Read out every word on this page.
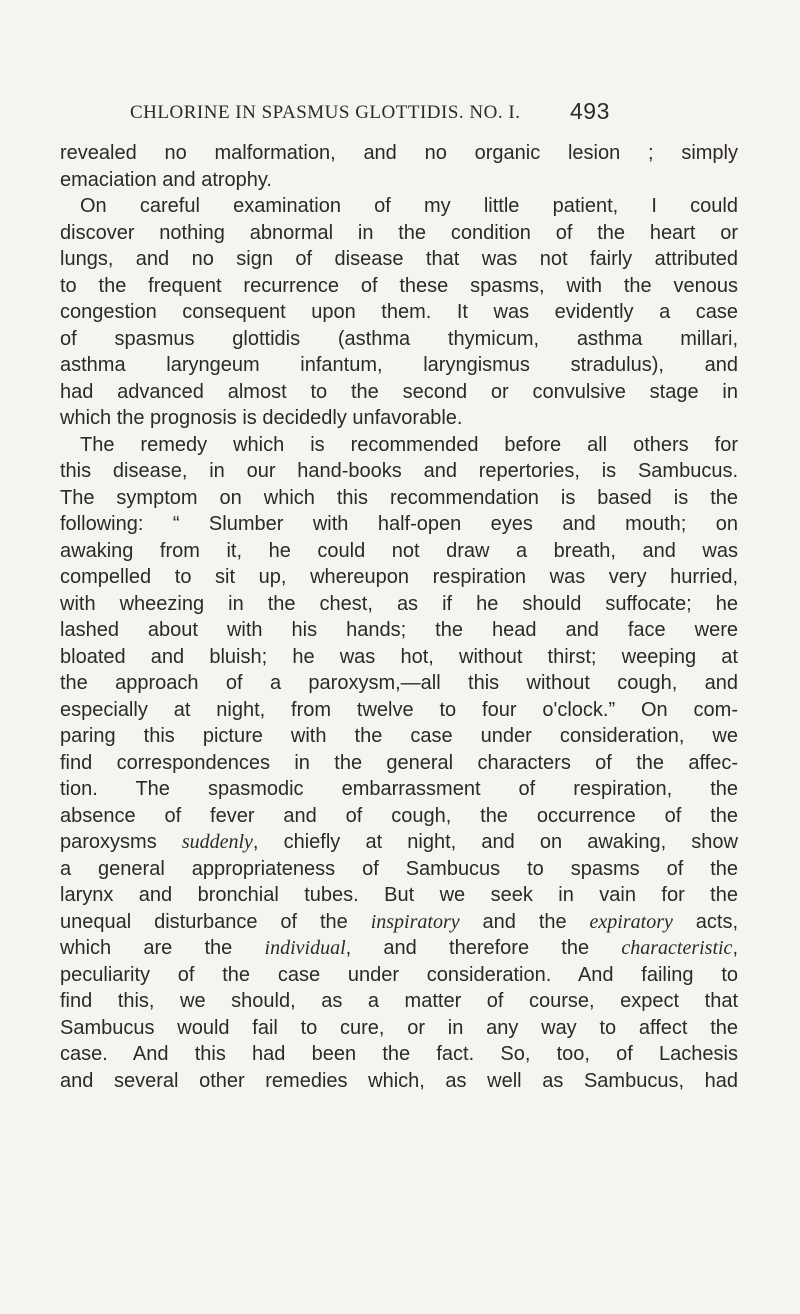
CHLORINE IN SPASMUS GLOTTIDIS. NO. I. 493
revealed no malformation, and no organic lesion ; simply
emaciation and atrophy.
On careful examination of my little patient, I could
discover nothing abnormal in the condition of the heart or
lungs, and no sign of disease that was not fairly attributed
to the frequent recurrence of these spasms, with the venous
congestion consequent upon them. It was evidently a case
of spasmus glottidis (asthma thymicum, asthma millari,
asthma laryngeum infantum, laryngismus stradulus), and
had advanced almost to the second or convulsive stage in
which the prognosis is decidedly unfavorable.
The remedy which is recommended before all others for
this disease, in our hand-books and repertories, is Sambucus.
The symptom on which this recommendation is based is the
following: “ Slumber with half-open eyes and mouth; on
awaking from it, he could not draw a breath, and was
compelled to sit up, whereupon respiration was very hurried,
with wheezing in the chest, as if he should suffocate; he
lashed about with his hands; the head and face were
bloated and bluish; he was hot, without thirst; weeping at
the approach of a paroxysm,—all this without cough, and
especially at night, from twelve to four o'clock.” On com-
paring this picture with the case under consideration, we
find correspondences in the general characters of the affec-
tion. The spasmodic embarrassment of respiration, the
absence of fever and of cough, the occurrence of the
paroxysms suddenly, chiefly at night, and on awaking, show
a general appropriateness of Sambucus to spasms of the
larynx and bronchial tubes. But we seek in vain for the
unequal disturbance of the inspiratory and the expiratory acts,
which are the individual, and therefore the characteristic,
peculiarity of the case under consideration. And failing to
find this, we should, as a matter of course, expect that
Sambucus would fail to cure, or in any way to affect the
case. And this had been the fact. So, too, of Lachesis
and several other remedies which, as well as Sambucus, had
